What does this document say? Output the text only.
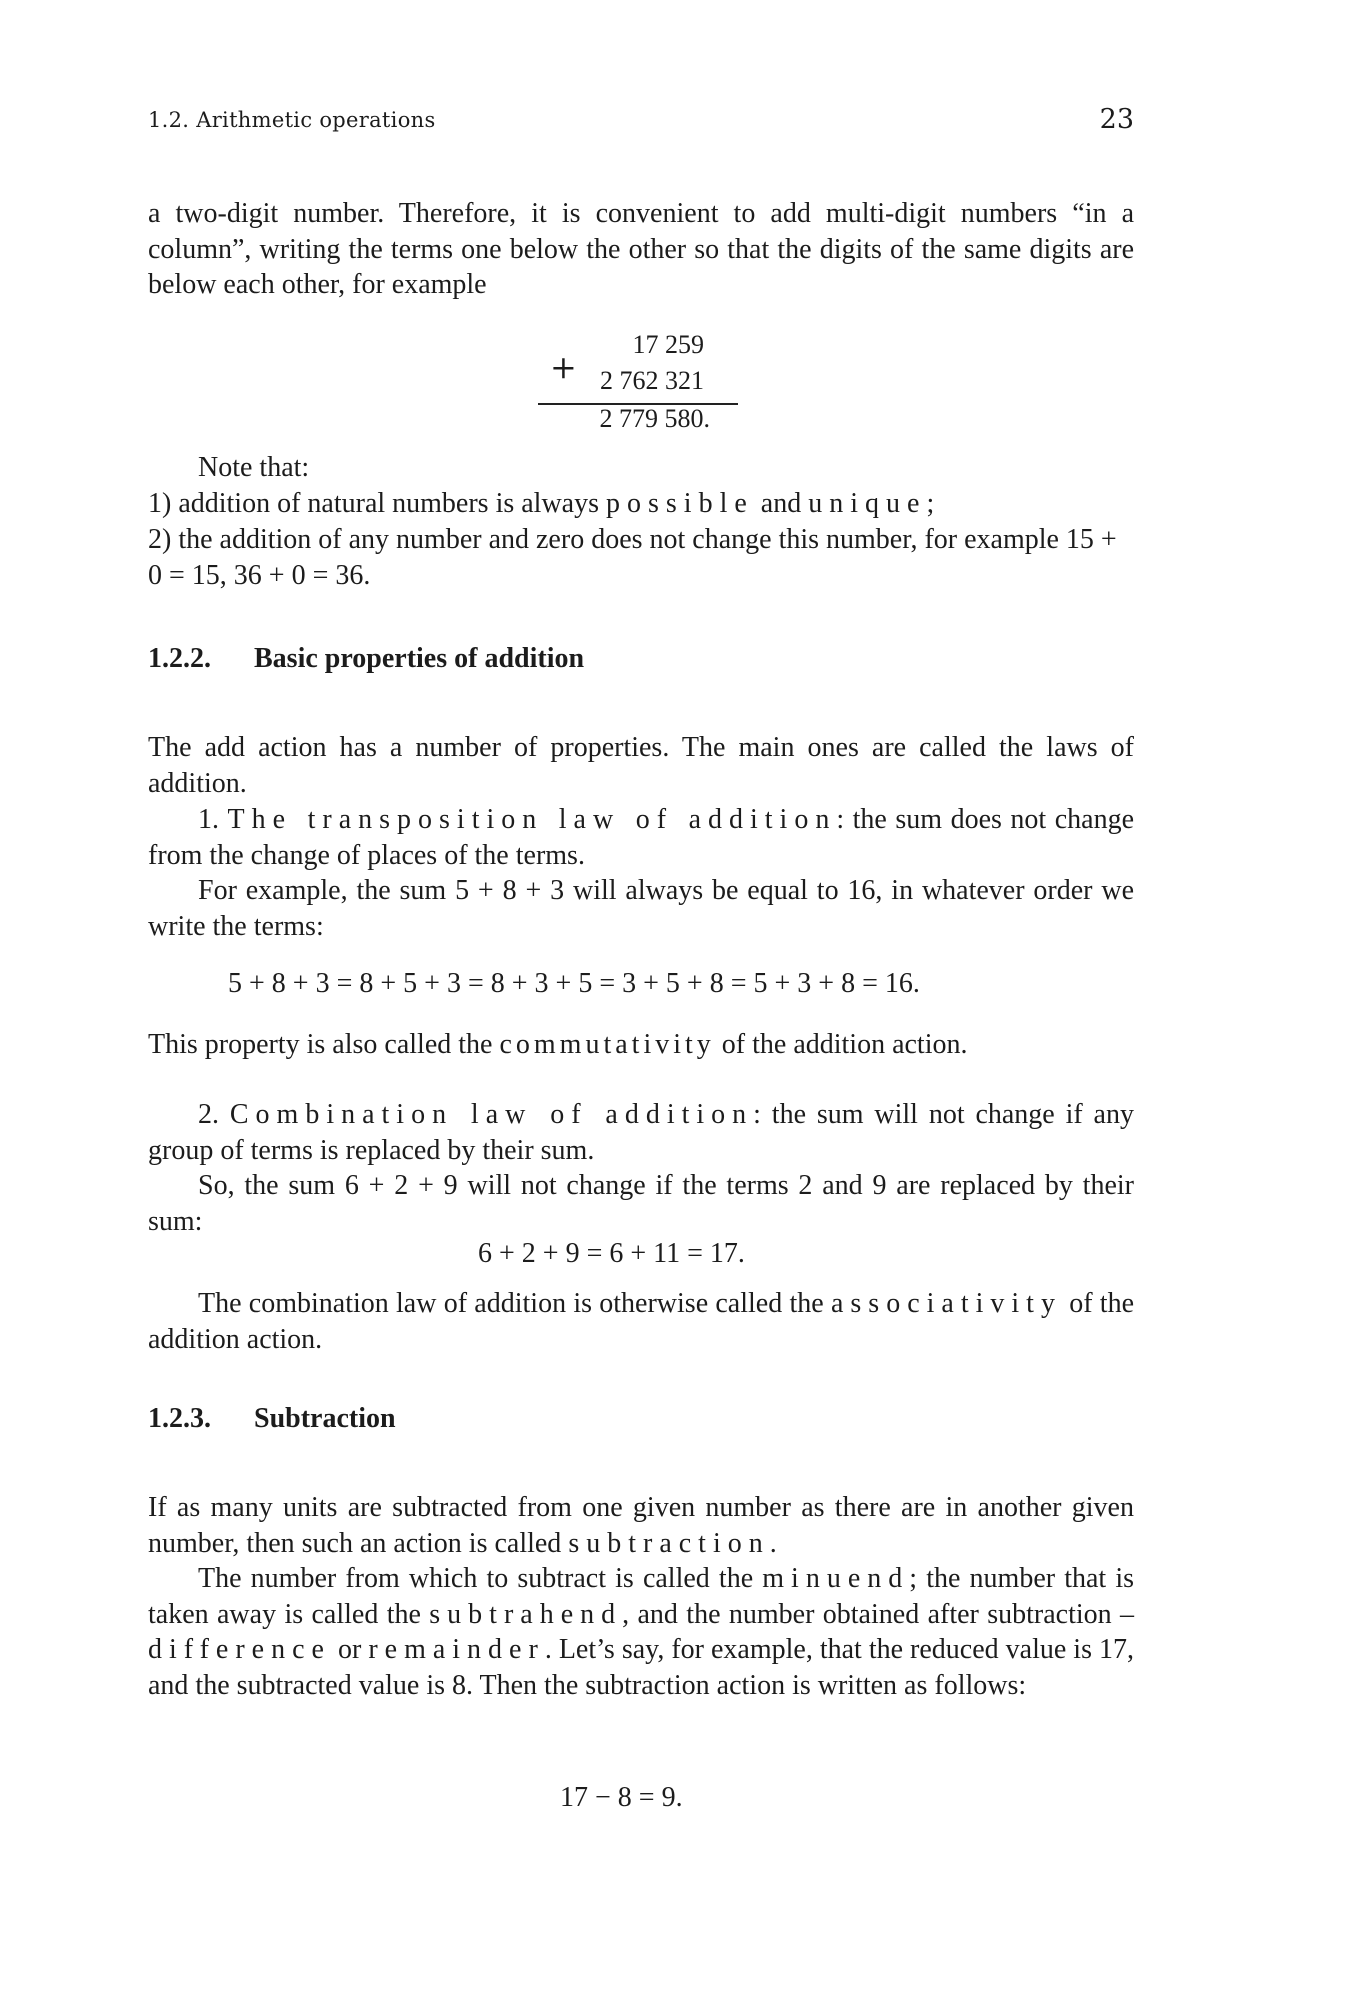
1.2. Arithmetic operations	23
a two-digit number. Therefore, it is convenient to add multi-digit numbers “in a column”, writing the terms one below the other so that the digits of the same digits are below each other, for example
+
17 259
2 762 321
2 779 580.
Note that:
1) addition of natural numbers is always possible and unique;
2) the addition of any number and zero does not change this number, for example 15 + 0 = 15, 36 + 0 = 36.
1.2.2. Basic properties of addition
The add action has a number of properties. The main ones are called the laws of addition.
1. The transposition law of addition: the sum does not change from the change of places of the terms.
For example, the sum 5 + 8 + 3 will always be equal to 16, in whatever order we write the terms:
5 + 8 + 3 = 8 + 5 + 3 = 8 + 3 + 5 = 3 + 5 + 8 = 5 + 3 + 8 = 16.
This property is also called the commutativity of the addition action.
2. Combination law of addition: the sum will not change if any group of terms is replaced by their sum.
So, the sum 6 + 2 + 9 will not change if the terms 2 and 9 are replaced by their sum:
6 + 2 + 9 = 6 + 11 = 17.
The combination law of addition is otherwise called the associativity of the addition action.
1.2.3. Subtraction
If as many units are subtracted from one given number as there are in another given number, then such an action is called subtraction.
The number from which to subtract is called the minuend; the number that is taken away is called the subtrahend, and the number obtained after subtraction – difference or remainder. Let’s say, for example, that the reduced value is 17, and the subtracted value is 8. Then the subtraction action is written as follows:
17 − 8 = 9.
